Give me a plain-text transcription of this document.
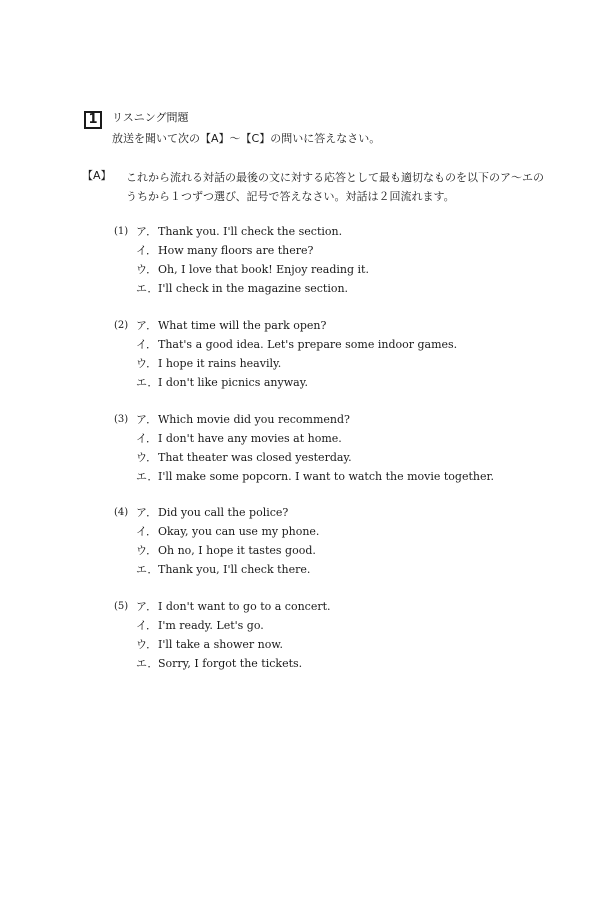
1	リスニング問題
放送を聞いて次の【A】～【C】の問いに答えなさい。
【A】 これから流れる対話の最後の文に対する応答として最も適切なものを以下のア～エの
うちから１つずつ選び、記号で答えなさい。対話は２回流れます。
(1) ア．Thank you. I'll check the section.
イ．How many floors are there?
ウ．Oh, I love that book! Enjoy reading it.
エ．I'll check in the magazine section.
(2) ア．What time will the park open?
イ．That's a good idea. Let's prepare some indoor games.
ウ．I hope it rains heavily.
エ．I don't like picnics anyway.
(3) ア．Which movie did you recommend?
イ．I don't have any movies at home.
ウ．That theater was closed yesterday.
エ．I'll make some popcorn. I want to watch the movie together.
(4) ア．Did you call the police?
イ．Okay, you can use my phone.
ウ．Oh no, I hope it tastes good.
エ．Thank you, I'll check there.
(5) ア．I don't want to go to a concert.
イ．I'm ready. Let's go.
ウ．I'll take a shower now.
エ．Sorry, I forgot the tickets.
